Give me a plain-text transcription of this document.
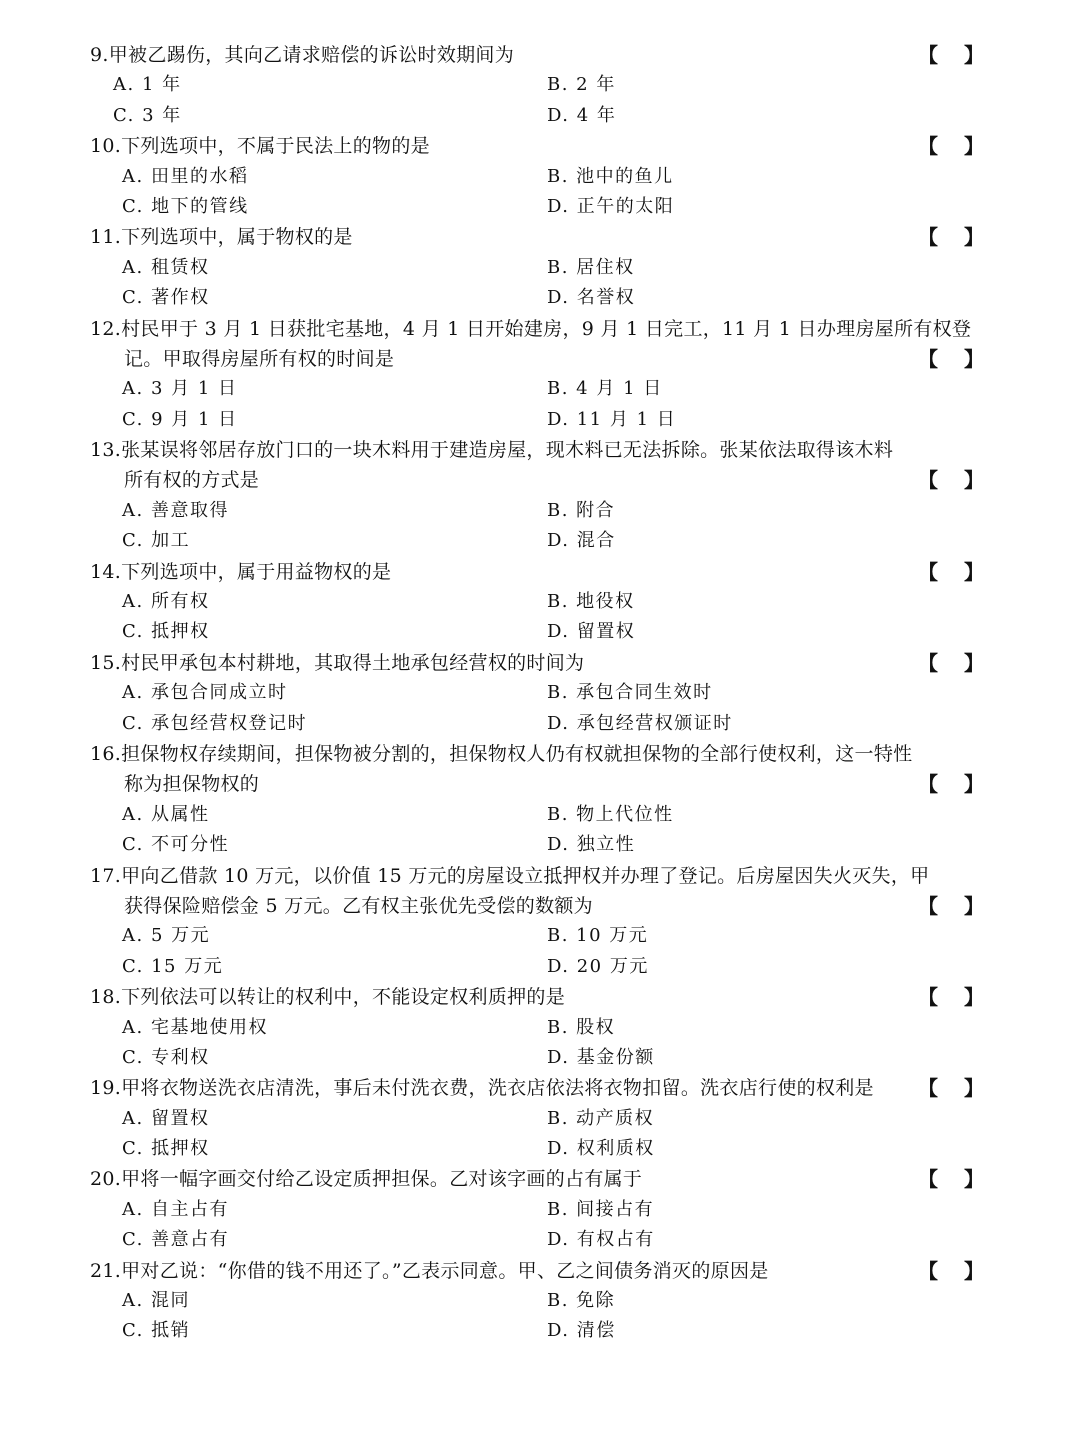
9.甲被乙踢伤，其向乙请求赔偿的诉讼时效期间为	【 】
A. 1 年	B. 2 年
C. 3 年	D. 4 年
10.下列选项中，不属于民法上的物的是	【 】
A. 田里的水稻	B. 池中的鱼儿
C. 地下的管线	D. 正午的太阳
11.下列选项中，属于物权的是	【 】
A. 租赁权	B. 居住权
C. 著作权	D. 名誉权
12.村民甲于 3 月 1 日获批宅基地，4 月 1 日开始建房，9 月 1 日完工，11 月 1 日办理房屋所有权登
记。甲取得房屋所有权的时间是	【 】
A. 3 月 1 日	B. 4 月 1 日
C. 9 月 1 日	D. 11 月 1 日
13.张某误将邻居存放门口的一块木料用于建造房屋，现木料已无法拆除。张某依法取得该木料
所有权的方式是	【 】
A. 善意取得	B. 附合
C. 加工	D. 混合
14.下列选项中，属于用益物权的是	【 】
A. 所有权	B. 地役权
C. 抵押权	D. 留置权
15.村民甲承包本村耕地，其取得土地承包经营权的时间为	【 】
A. 承包合同成立时	B. 承包合同生效时
C. 承包经营权登记时	D. 承包经营权颁证时
16.担保物权存续期间，担保物被分割的，担保物权人仍有权就担保物的全部行使权利，这一特性
称为担保物权的	【 】
A. 从属性	B. 物上代位性
C. 不可分性	D. 独立性
17.甲向乙借款 10 万元，以价值 15 万元的房屋设立抵押权并办理了登记。后房屋因失火灭失，甲
获得保险赔偿金 5 万元。乙有权主张优先受偿的数额为	【 】
A. 5 万元	B. 10 万元
C. 15 万元	D. 20 万元
18.下列依法可以转让的权利中，不能设定权利质押的是	【 】
A. 宅基地使用权	B. 股权
C. 专利权	D. 基金份额
19.甲将衣物送洗衣店清洗，事后未付洗衣费，洗衣店依法将衣物扣留。洗衣店行使的权利是 【 】
A. 留置权	B. 动产质权
C. 抵押权	D. 权利质权
20.甲将一幅字画交付给乙设定质押担保。乙对该字画的占有属于	【 】
A. 自主占有	B. 间接占有
C. 善意占有	D. 有权占有
21.甲对乙说：“你借的钱不用还了。”乙表示同意。甲、乙之间债务消灭的原因是	【 】
A. 混同	B. 免除
C. 抵销	D. 清偿
